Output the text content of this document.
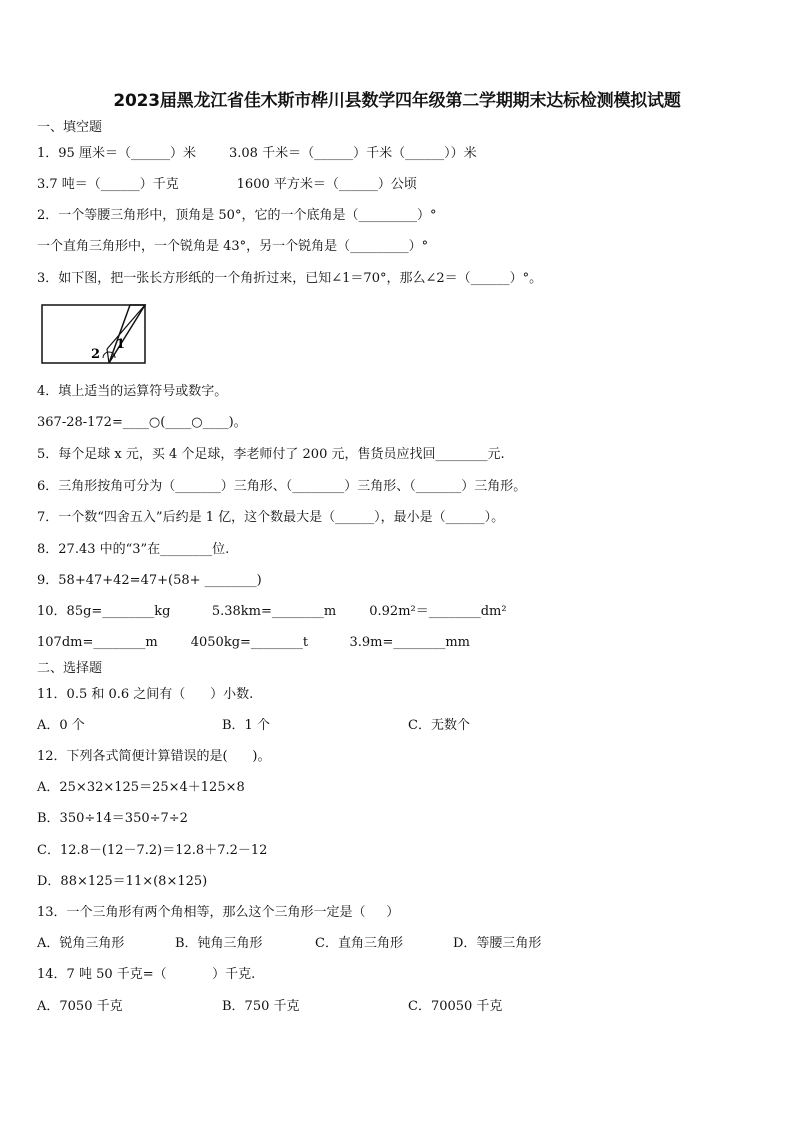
2023届黑龙江省佳木斯市桦川县数学四年级第二学期期末达标检测模拟试题
一、填空题
1．95 厘米＝（______）米        3.08 千米＝（______）千米（______））米
3.7 吨＝（______）千克              1600 平方米＝（______）公顷
2．一个等腰三角形中，顶角是 50°，它的一个底角是（_________）°
一个直角三角形中，一个锐角是 43°，另一个锐角是（_________）°
3．如下图，把一张长方形纸的一个角折过来，已知∠1＝70°，那么∠2＝（______）°。
1
2
4．填上适当的运算符号或数字。
367-28-172=____○(____○____)。
5．每个足球 x 元，买 4 个足球，李老师付了 200 元，售货员应找回________元.
6．三角形按角可分为（_______）三角形、（________）三角形、（_______）三角形。
7．一个数“四舍五入”后约是 1 亿，这个数最大是（______），最小是（______）。
8．27.43 中的“3”在________位.
9．58+47+42=47+(58+ ________)
10．85g=________kg          5.38km=________m        0.92m²＝________dm²
107dm=________m        4050kg=________t          3.9m=________mm
二、选择题
11．0.5 和 0.6 之间有（      ）小数.
A．0 个	B．1 个	C．无数个
12．下列各式简便计算错误的是(      )。
A．25×32×125＝25×4＋125×8
B．350÷14＝350÷7÷2
C．12.8－(12－7.2)＝12.8＋7.2－12
D．88×125＝11×(8×125)
13．一个三角形有两个角相等，那么这个三角形一定是（     ）
A．锐角三角形	B．钝角三角形	C．直角三角形	D．等腰三角形
14．7 吨 50 千克=（           ）千克.
A．7050 千克	B．750 千克	C．70050 千克
